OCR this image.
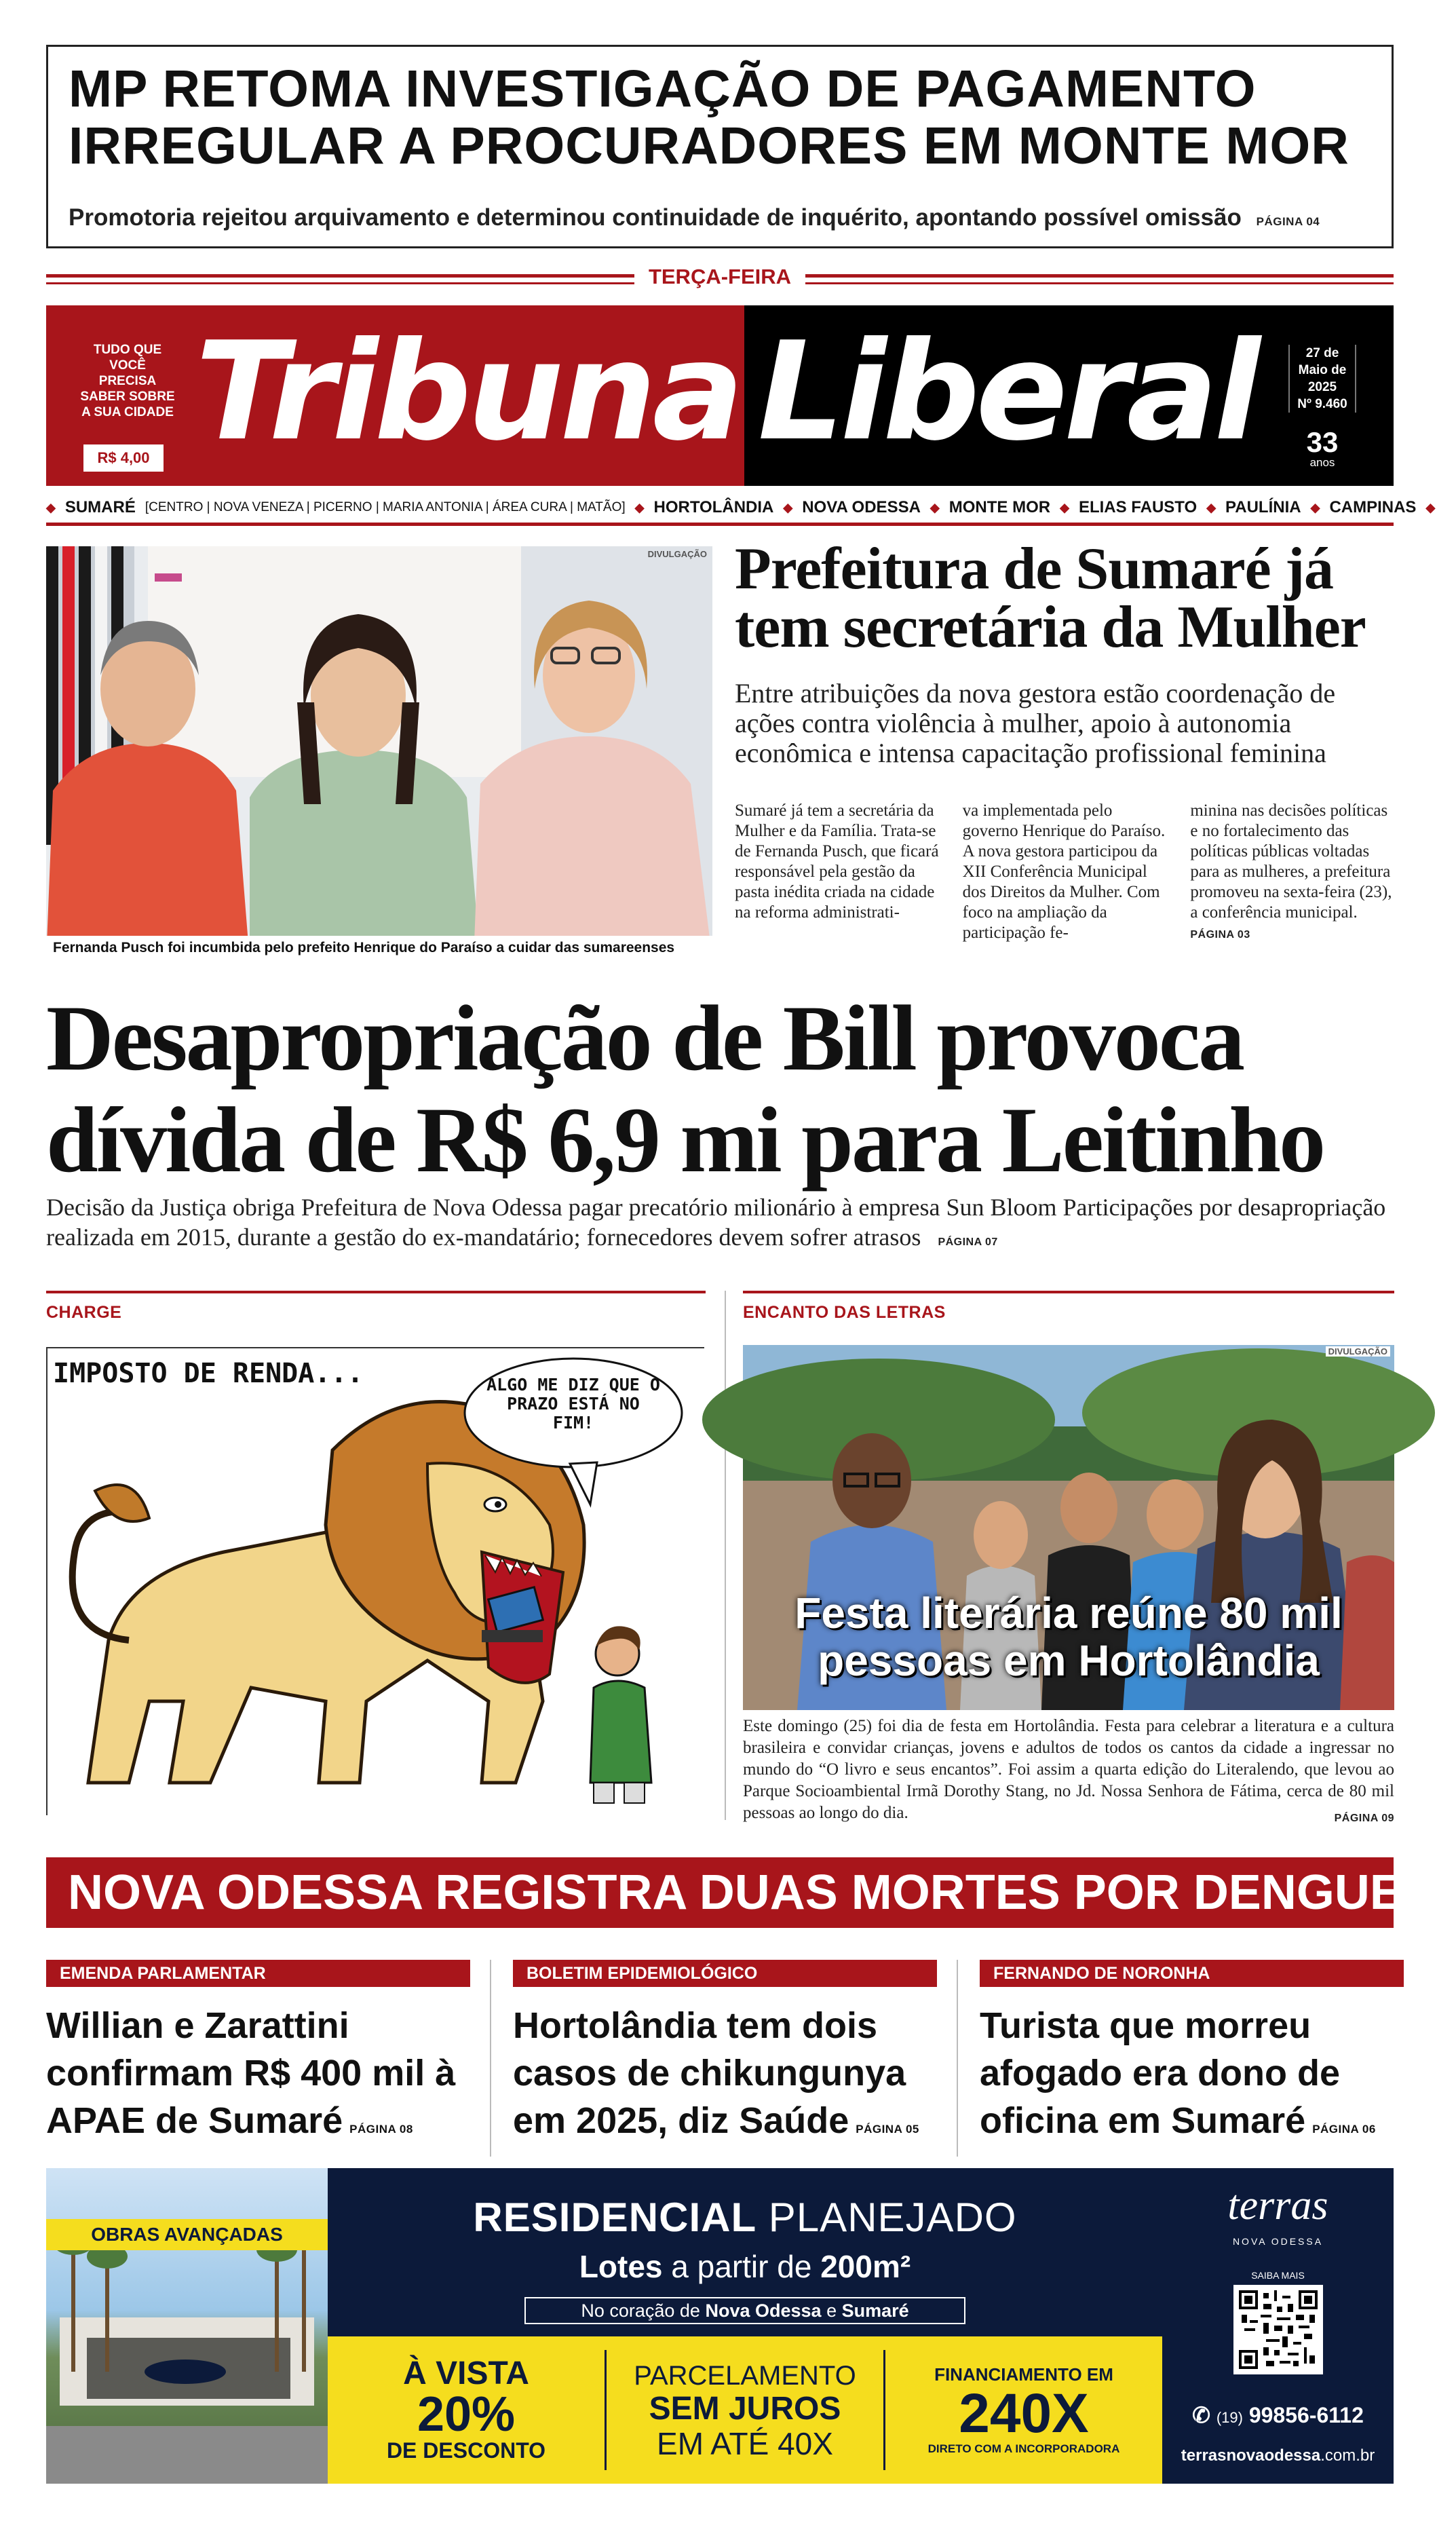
MP RETOMA INVESTIGAÇÃO DE PAGAMENTO IRREGULAR A PROCURADORES EM MONTE MOR
Promotoria rejeitou arquivamento e determinou continuidade de inquérito, apontando possível omissão PÁGINA 04
TERÇA-FEIRA
TUDO QUE VOCÊ PRECISA SABER SOBRE A SUA CIDADE
R$ 4,00 Tribuna Liberal	27 de Maio de 2025
Nº 9.460
33
anos
◆ SUMARÉ [CENTRO | NOVA VENEZA | PICERNO | MARIA ANTONIA | ÁREA CURA | MATÃO] ◆ HORTOLÂNDIA ◆ NOVA ODESSA ◆ MONTE MOR ◆ ELIAS FAUSTO ◆ PAULÍNIA ◆ CAMPINAS ◆
DIVULGAÇÃO
Fernanda Pusch foi incumbida pelo prefeito Henrique do Paraíso a cuidar das sumareenses
Prefeitura de Sumaré já tem secretária da Mulher
Entre atribuições da nova gestora estão coordenação de ações contra violência à mulher, apoio à autonomia econômica e intensa capacitação profissional feminina
Sumaré já tem a secretária da Mulher e da Família. Trata-se de Fernanda Pusch, que ficará responsável pela gestão da pasta inédita criada na cidade na reforma administrati-
va implementada pelo governo Henrique do Paraíso. A nova gestora participou da XII Conferência Municipal dos Direitos da Mulher. Com foco na ampliação da participação fe-
minina nas decisões políticas e no fortalecimento das políticas públicas voltadas para as mulheres, a prefeitura promoveu na sexta-feira (23), a conferência municipal. PÁGINA 03
Desapropriação de Bill provoca dívida de R$ 6,9 mi para Leitinho
Decisão da Justiça obriga Prefeitura de Nova Odessa pagar precatório milionário à empresa Sun Bloom Participações por desapropriação realizada em 2015, durante a gestão do ex-mandatário; fornecedores devem sofrer atrasos PÁGINA 07
CHARGE
IMPOSTO DE RENDA...	ALGO ME DIZ QUE O PRAZO ESTÁ NO FIM!
ENCANTO DAS LETRAS
DIVULGAÇÃO
Festa literária reúne 80 mil pessoas em Hortolândia
Este domingo (25) foi dia de festa em Hortolândia. Festa para celebrar a literatura e a cultura brasileira e convidar crianças, jovens e adultos de todos os cantos da cidade a ingressar no mundo do “O livro e seus encantos”. Foi assim a quarta edição do Literalendo, que levou ao Parque Socioambiental Irmã Dorothy Stang, no Jd. Nossa Senhora de Fátima, cerca de 80 mil pessoas ao longo do dia.	PÁGINA 09
NOVA ODESSA REGISTRA DUAS MORTES POR DENGUE PÁG. 07
EMENDA PARLAMENTAR
Willian e Zarattini confirmam R$ 400 mil à APAE de Sumaré PÁGINA 08
BOLETIM EPIDEMIOLÓGICO
Hortolândia tem dois casos de chikungunya em 2025, diz Saúde PÁGINA 05
FERNANDO DE NORONHA
Turista que morreu afogado era dono de oficina em Sumaré PÁGINA 06
OBRAS AVANÇADAS	RESIDENCIAL PLANEJADO
Lotes a partir de 200m²
No coração de Nova Odessa e Sumaré
À VISTA
20%
DE DESCONTO
PARCELAMENTO
SEM JUROS
EM ATÉ 40X
FINANCIAMENTO EM
240X
DIRETO COM A INCORPORADORA
terras
NOVA ODESSA
SAIBA MAIS
✆ (19) 99856-6112
terrasnovaodessa.com.br
